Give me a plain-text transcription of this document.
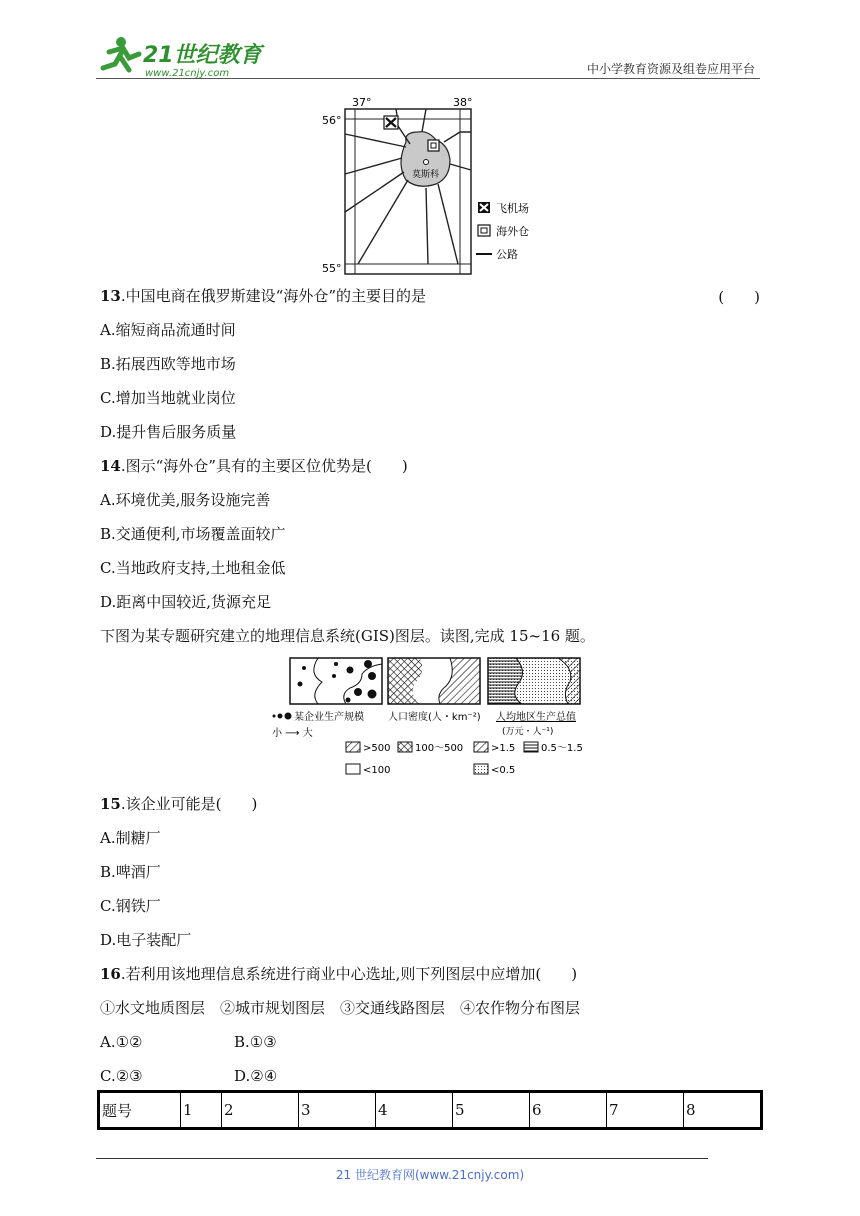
21世纪教育
www.21cnjy.com	中小学教育资源及组卷应用平台
37°	38°
56°
55°
莫斯科
飞机场
海外仓
公路
13.中国电商在俄罗斯建设“海外仓”的主要目的是	(　　)
A.缩短商品流通时间
B.拓展西欧等地市场
C.增加当地就业岗位
D.提升售后服务质量
14.图示“海外仓”具有的主要区位优势是(　　)
A.环境优美,服务设施完善
B.交通便利,市场覆盖面较广
C.当地政府支持,土地租金低
D.距离中国较近,货源充足
下图为某专题研究建立的地理信息系统(GIS)图层。读图,完成 15~16 题。
某企业生产规模
小 ⟶ 大
人口密度(人・km⁻²) 人均地区生产总值
(万元・人⁻¹)
>500 100～500	>1.5	0.5～1.5
<100	<0.5
15.该企业可能是(　　)
A.制糖厂
B.啤酒厂
C.钢铁厂
D.电子装配厂
16.若利用该地理信息系统进行商业中心选址,则下列图层中应增加(　　)
①水文地质图层　②城市规划图层　③交通线路图层　④农作物分布图层
A.①②	B.①③
C.②③	D.②④
题号	1	2	3	4	5	6	7	8
21 世纪教育网(www.21cnjy.com)
